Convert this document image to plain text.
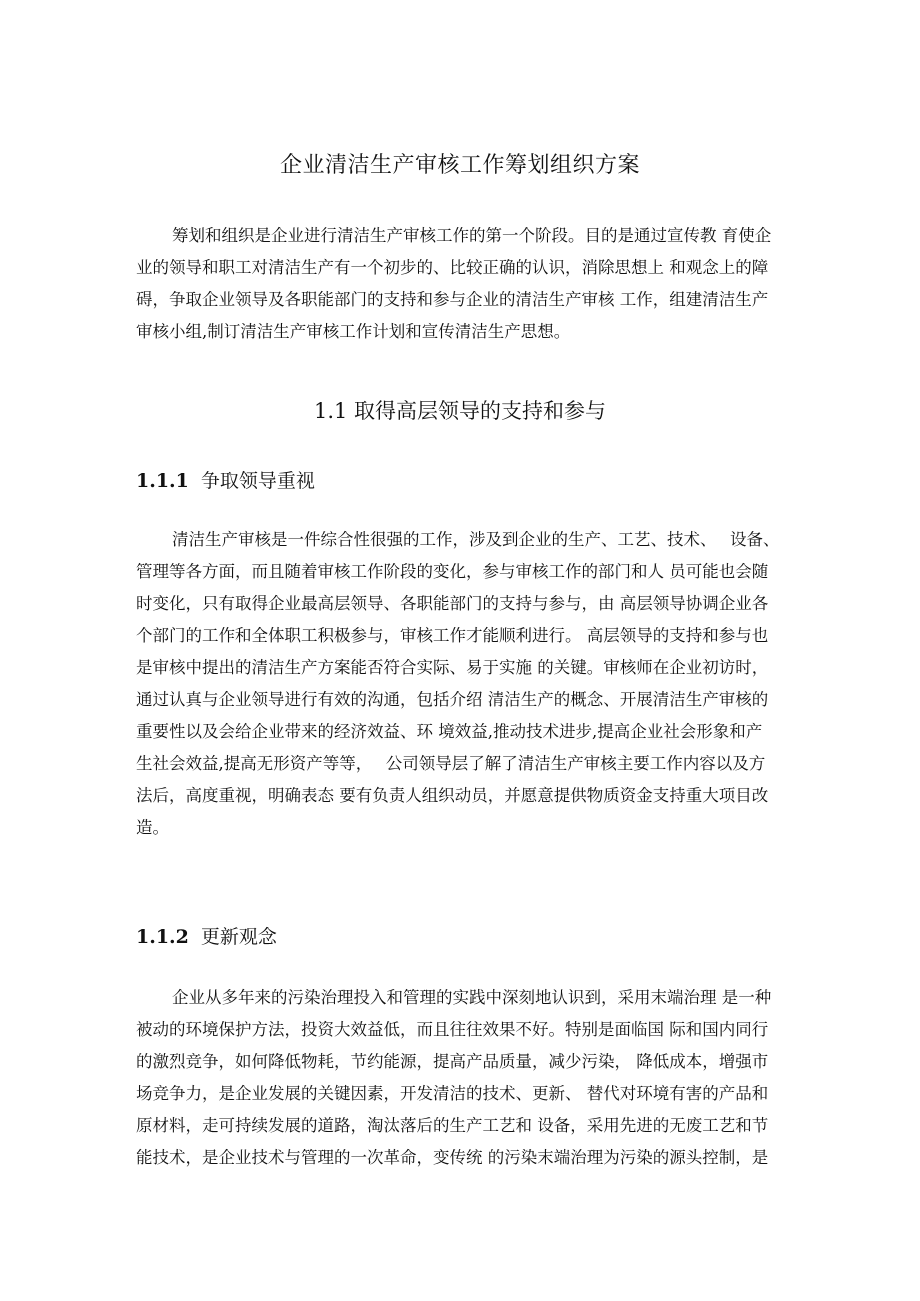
企业清洁生产审核工作筹划组织方案
筹划和组织是企业进行清洁生产审核工作的第一个阶段。目的是通过宣传教 育使企
业的领导和职工对清洁生产有一个初步的、比较正确的认识，消除思想上 和观念上的障
碍，争取企业领导及各职能部门的支持和参与企业的清洁生产审核 工作，组建清洁生产
审核小组,制订清洁生产审核工作计划和宣传清洁生产思想。
1.1 取得高层领导的支持和参与
1.1.1 争取领导重视
清洁生产审核是一件综合性很强的工作，涉及到企业的生产、工艺、技术、　 设备、
管理等各方面，而且随着审核工作阶段的变化，参与审核工作的部门和人 员可能也会随
时变化，只有取得企业最高层领导、各职能部门的支持与参与，由 高层领导协调企业各
个部门的工作和全体职工积极参与，审核工作才能顺利进行。 高层领导的支持和参与也
是审核中提出的清洁生产方案能否符合实际、易于实施 的关键。审核师在企业初访时，
通过认真与企业领导进行有效的沟通，包括介绍 清洁生产的概念、开展清洁生产审核的
重要性以及会给企业带来的经济效益、环 境效益,推动技术进步,提高企业社会形象和产
生社会效益,提高无形资产等等，　 公司领导层了解了清洁生产审核主要工作内容以及方
法后，高度重视，明确表态 要有负责人组织动员，并愿意提供物质资金支持重大项目改
造。
1.1.2 更新观念
企业从多年来的污染治理投入和管理的实践中深刻地认识到，采用末端治理 是一种
被动的环境保护方法，投资大效益低，而且往往效果不好。特别是面临国 际和国内同行
的激烈竞争，如何降低物耗，节约能源，提高产品质量，减少污染， 降低成本，增强市
场竞争力，是企业发展的关键因素，开发清洁的技术、更新、 替代对环境有害的产品和
原材料，走可持续发展的道路，淘汰落后的生产工艺和 设备，采用先进的无废工艺和节
能技术，是企业技术与管理的一次革命，变传统 的污染末端治理为污染的源头控制，是
